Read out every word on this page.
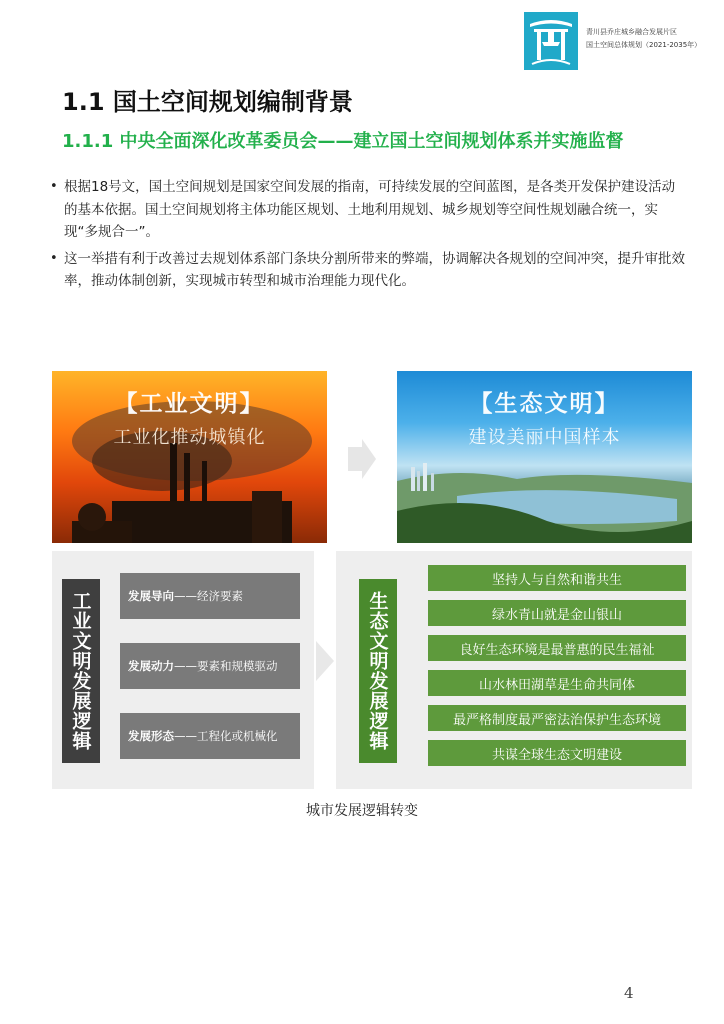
青川县乔庄城乡融合发展片区
国土空间总体规划（2021-2035年）
1.1 国土空间规划编制背景
1.1.1 中央全面深化改革委员会——建立国土空间规划体系并实施监督
• 根据18号文，国土空间规划是国家空间发展的指南，可持续发展的空间蓝图，是各类开发保护建设活动的基本依据。国土空间规划将主体功能区规划、土地利用规划、城乡规划等空间性规划融合统一，实现“多规合一”。
• 这一举措有利于改善过去规划体系部门条块分割所带来的弊端，协调解决各规划的空间冲突，提升审批效率，推动体制创新，实现城市转型和城市治理能力现代化。
【工业文明】
工业化推动城镇化
【生态文明】
建设美丽中国样本
工业文明发展逻辑	发展导向 ——经济要素
发展动力 ——要素和规模驱动
发展形态 ——工程化或机械化	生态文明发展逻辑
坚持人与自然和谐共生
绿水青山就是金山银山
良好生态环境是最普惠的民生福祉
山水林田湖草是生命共同体
最严格制度最严密法治保护生态环境
共谋全球生态文明建设
城市发展逻辑转变
4
